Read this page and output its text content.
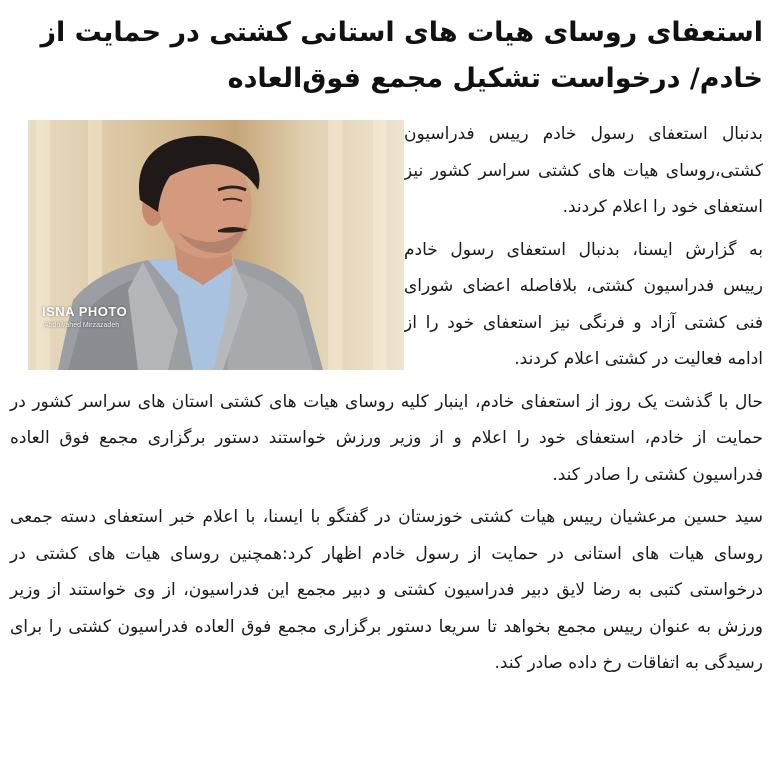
استعفای روسای هیات های استانی کشتی در حمایت از خادم/ درخواست تشکیل مجمع فوق‌العاده
ISNA PHOTO
Abdolvahed Mirzazadeh

بدنبال استعفای رسول خادم رییس فدراسیون کشتی،روسای هیات های کشتی سراسر کشور نیز استعفای خود را اعلام کردند.

به گزارش ایسنا، بدنبال استعفای رسول خادم رییس فدراسیون کشتی، بلافاصله اعضای شورای فنی کشتی آزاد و فرنگی نیز استعفای خود را از ادامه فعالیت در کشتی اعلام کردند.

حال با گذشت یک روز از استعفای خادم، اینبار کلیه روسای هیات های کشتی استان های سراسر کشور در حمایت از خادم، استعفای خود را اعلام و از وزیر ورزش خواستند دستور برگزاری مجمع فوق العاده فدراسیون کشتی را صادر کند.

سید حسین مرعشیان رییس هیات کشتی خوزستان در گفتگو با ایسنا، با اعلام خبر استعفای دسته جمعی روسای هیات های استانی در حمایت از رسول خادم اظهار کرد:همچنین روسای هیات های کشتی در درخواستی کتبی به رضا لایق دبیر فدراسیون کشتی و دبیر مجمع این فدراسیون، از وی خواستند از وزیر ورزش به عنوان رییس مجمع بخواهد تا سریعا دستور برگزاری مجمع فوق العاده فدراسیون کشتی را برای رسیدگی به اتفاقات رخ داده صادر کند.
